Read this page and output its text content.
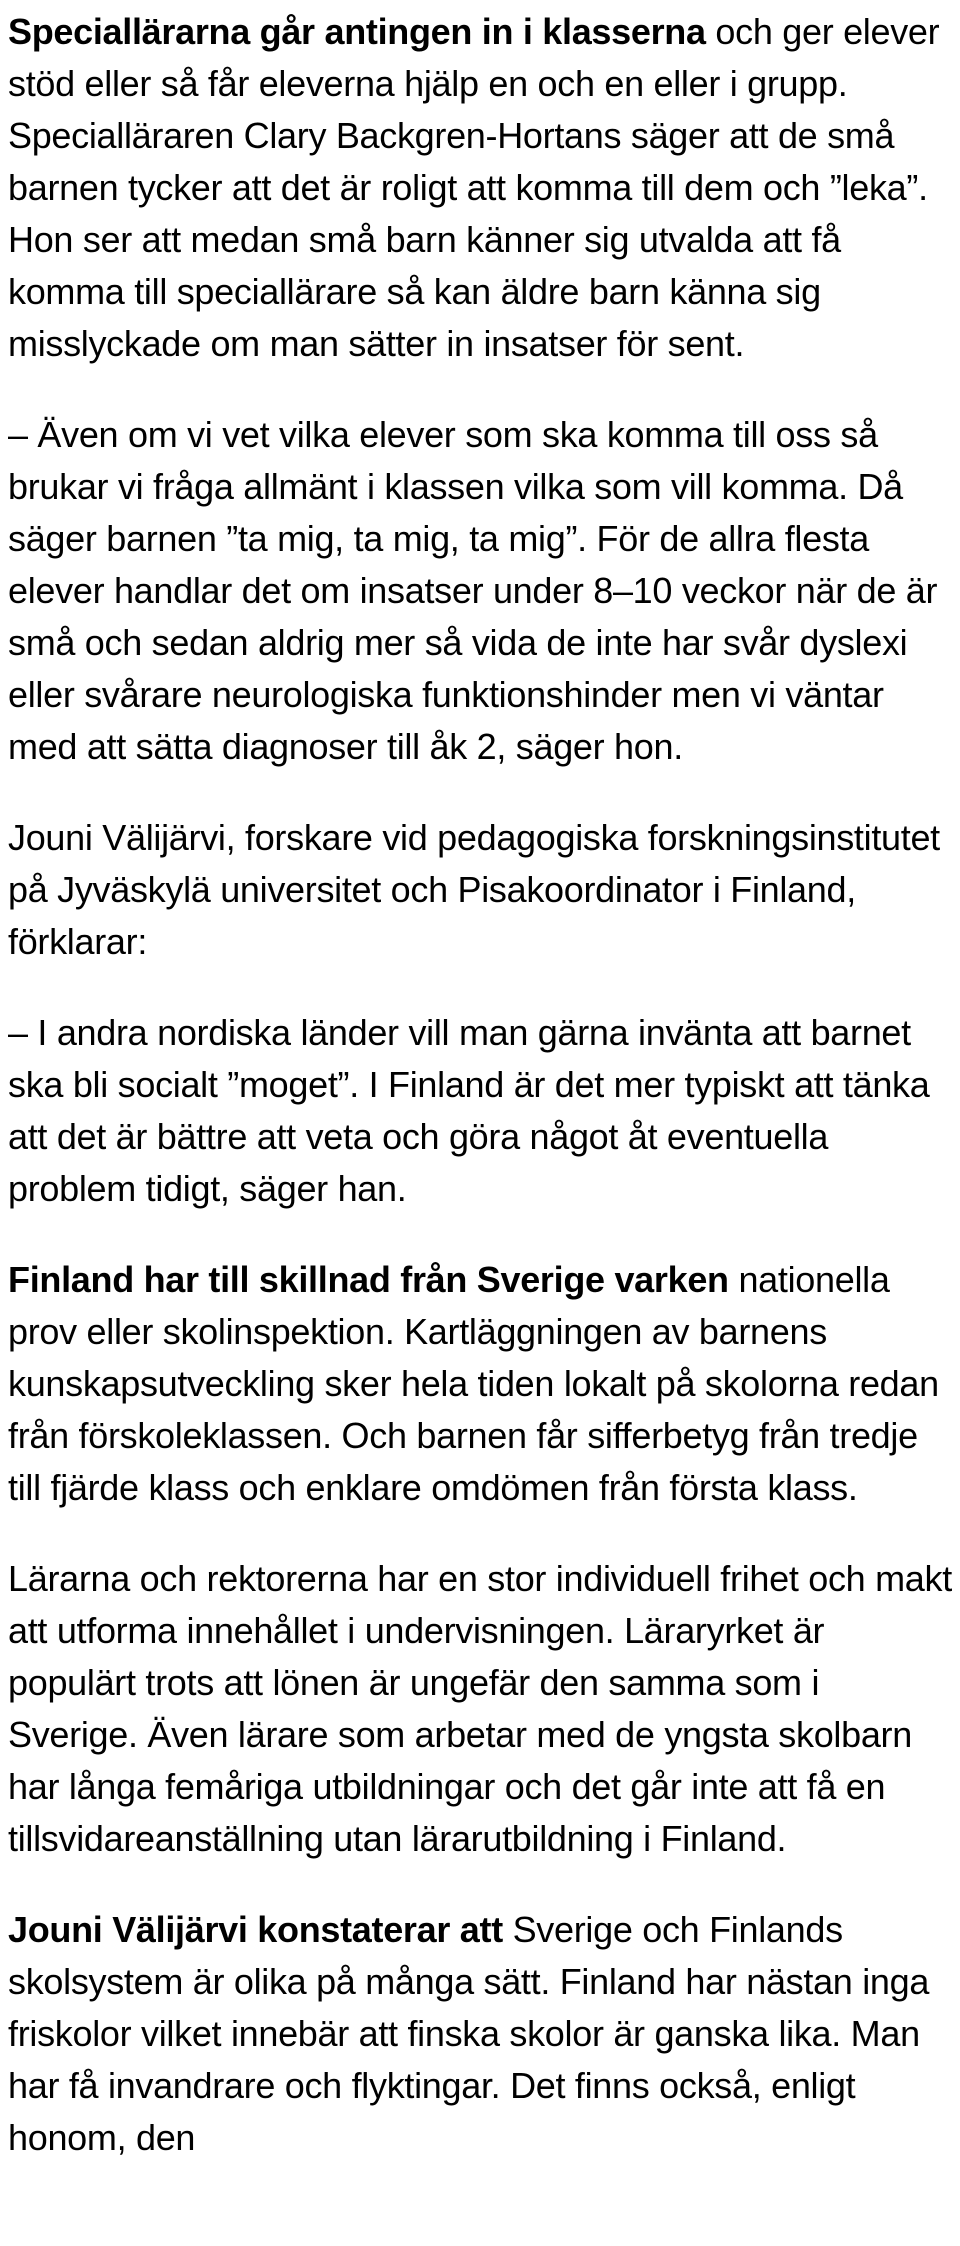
Speciallärarna går antingen in i klasserna och ger elever stöd eller så får eleverna hjälp en och en eller i grupp. Specialläraren Clary Backgren-Hortans säger att de små barnen tycker att det är roligt att komma till dem och ”leka”. Hon ser att medan små barn känner sig utvalda att få komma till speciallärare så kan äldre barn känna sig misslyckade om man sätter in insatser för sent.

– Även om vi vet vilka elever som ska komma till oss så brukar vi fråga allmänt i klassen vilka som vill komma. Då säger barnen ”ta mig, ta mig, ta mig”. För de allra flesta elever handlar det om insatser under 8–10 veckor när de är små och sedan aldrig mer så vida de inte har svår dyslexi eller svårare neurologiska funktionshinder men vi väntar med att sätta diagnoser till åk 2, säger hon.

Jouni Välijärvi, forskare vid pedagogiska forskningsinstitutet på Jyväskylä universitet och Pisakoordinator i Finland, förklarar:

– I andra nordiska länder vill man gärna invänta att barnet ska bli socialt ”moget”. I Finland är det mer typiskt att tänka att det är bättre att veta och göra något åt eventuella problem tidigt, säger han.

Finland har till skillnad från Sverige varken nationella prov eller skolinspektion. Kartläggningen av barnens kunskapsutveckling sker hela tiden lokalt på skolorna redan från förskoleklassen. Och barnen får sifferbetyg från tredje till fjärde klass och enklare omdömen från första klass.

Lärarna och rektorerna har en stor individuell frihet och makt att utforma innehållet i undervisningen. Läraryrket är populärt trots att lönen är ungefär den samma som i Sverige. Även lärare som arbetar med de yngsta skolbarn har långa femåriga utbildningar och det går inte att få en tillsvidareanställning utan lärarutbildning i Finland.

Jouni Välijärvi konstaterar att Sverige och Finlands skolsystem är olika på många sätt. Finland har nästan inga friskolor vilket innebär att finska skolor är ganska lika. Man har få invandrare och flyktingar. Det finns också, enligt honom, den
